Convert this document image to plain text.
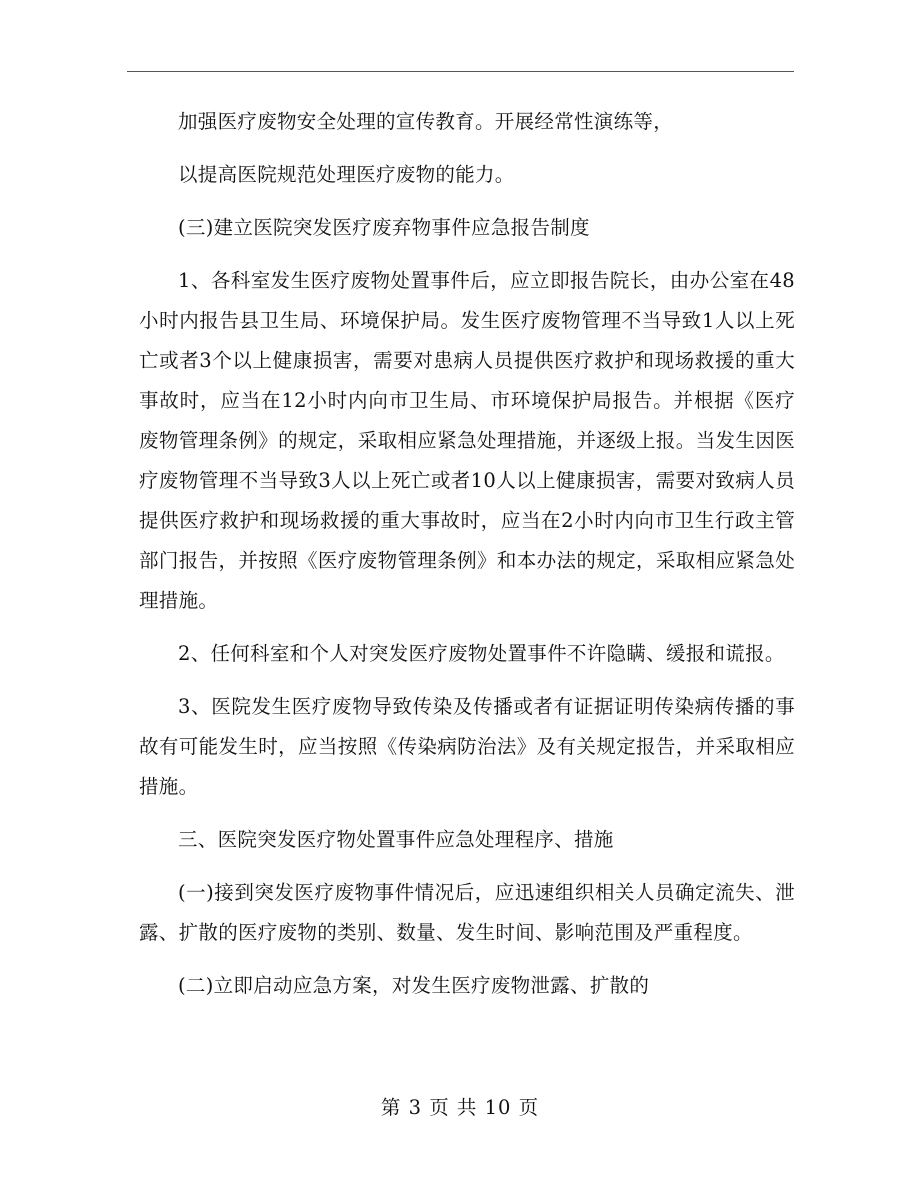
加强医疗废物安全处理的宣传教育。开展经常性演练等，

以提高医院规范处理医疗废物的能力。

(三)建立医院突发医疗废弃物事件应急报告制度

1、各科室发生医疗废物处置事件后，应立即报告院长，由办公室在48小时内报告县卫生局、环境保护局。发生医疗废物管理不当导致1人以上死亡或者3个以上健康损害，需要对患病人员提供医疗救护和现场救援的重大事故时，应当在12小时内向市卫生局、市环境保护局报告。并根据《医疗废物管理条例》的规定，采取相应紧急处理措施，并逐级上报。当发生因医疗废物管理不当导致3人以上死亡或者10人以上健康损害，需要对致病人员提供医疗救护和现场救援的重大事故时，应当在2小时内向市卫生行政主管部门报告，并按照《医疗废物管理条例》和本办法的规定，采取相应紧急处理措施。

2、任何科室和个人对突发医疗废物处置事件不许隐瞒、缓报和谎报。

3、医院发生医疗废物导致传染及传播或者有证据证明传染病传播的事故有可能发生时，应当按照《传染病防治法》及有关规定报告，并采取相应措施。

三、医院突发医疗物处置事件应急处理程序、措施

(一)接到突发医疗废物事件情况后，应迅速组织相关人员确定流失、泄露、扩散的医疗废物的类别、数量、发生时间、影响范围及严重程度。

(二)立即启动应急方案，对发生医疗废物泄露、扩散的

第 3 页 共 10 页
